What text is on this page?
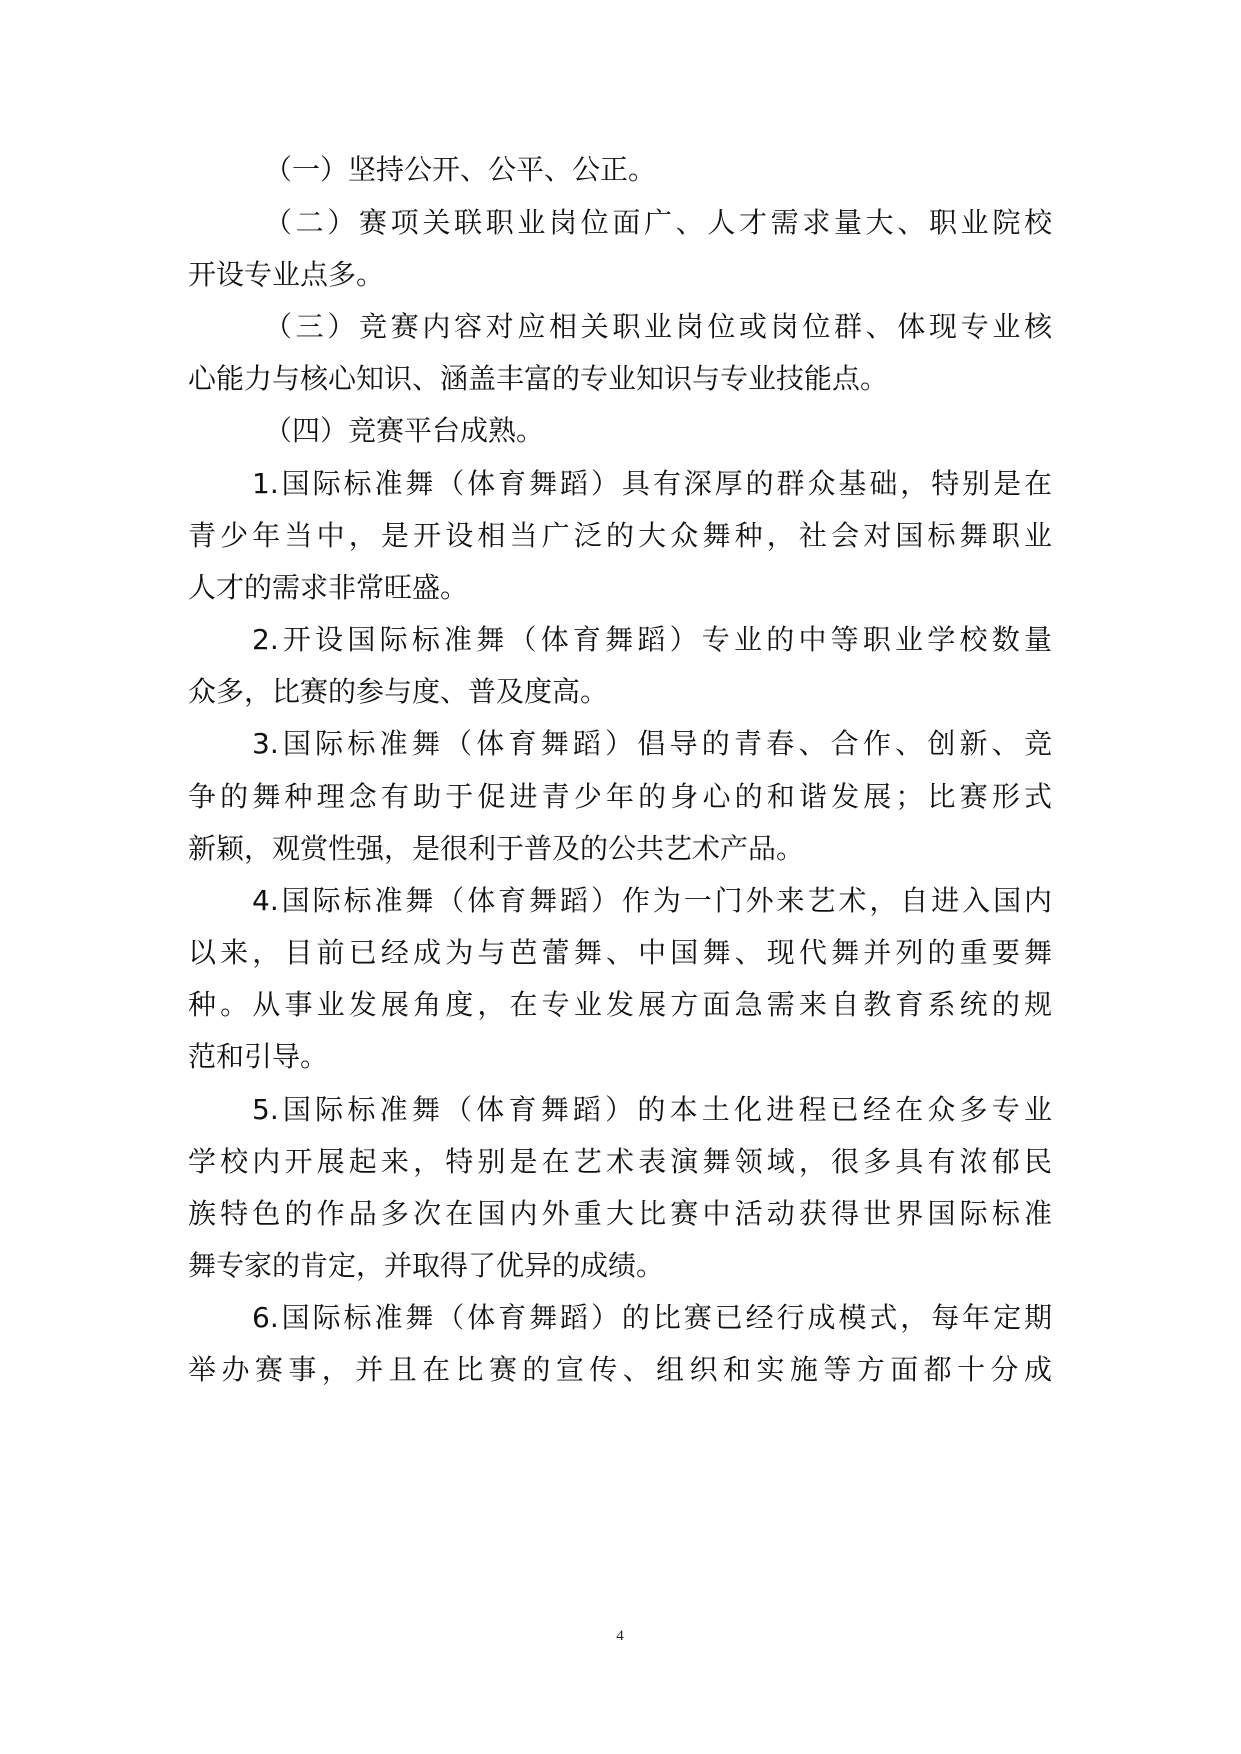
（一）坚持公开、公平、公正。
（二）赛项关联职业岗位面广、人才需求量大、职业院校
开设专业点多。
（三）竞赛内容对应相关职业岗位或岗位群、体现专业核
心能力与核心知识、涵盖丰富的专业知识与专业技能点。
（四）竞赛平台成熟。
1.国际标准舞（体育舞蹈）具有深厚的群众基础，特别是在
青少年当中，是开设相当广泛的大众舞种，社会对国标舞职业
人才的需求非常旺盛。
2.开设国际标准舞（体育舞蹈）专业的中等职业学校数量
众多，比赛的参与度、普及度高。
3.国际标准舞（体育舞蹈）倡导的青春、合作、创新、竞
争的舞种理念有助于促进青少年的身心的和谐发展；比赛形式
新颖，观赏性强，是很利于普及的公共艺术产品。
4.国际标准舞（体育舞蹈）作为一门外来艺术，自进入国内
以来，目前已经成为与芭蕾舞、中国舞、现代舞并列的重要舞
种。从事业发展角度，在专业发展方面急需来自教育系统的规
范和引导。
5.国际标准舞（体育舞蹈）的本土化进程已经在众多专业
学校内开展起来，特别是在艺术表演舞领域，很多具有浓郁民
族特色的作品多次在国内外重大比赛中活动获得世界国际标准
舞专家的肯定，并取得了优异的成绩。
6.国际标准舞（体育舞蹈）的比赛已经行成模式，每年定期
举办赛事，并且在比赛的宣传、组织和实施等方面都十分成
4
